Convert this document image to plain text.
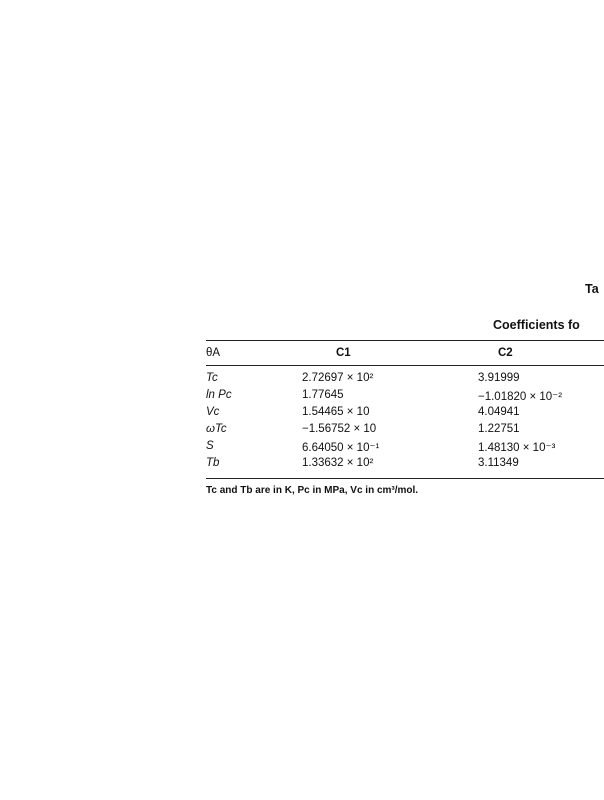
Ta
Coefficients fo
θA	C1	C2
Tc	2.72697 × 10²	3.91999
ln Pc	1.77645	−1.01820 × 10⁻²
Vc	1.54465 × 10	4.04941
ωTc	−1.56752 × 10	1.22751
S	6.64050 × 10⁻¹	1.48130 × 10⁻³
Tb	1.33632 × 10²	3.11349
Tc and Tb are in K, Pc in MPa, Vc in cm³/mol.
